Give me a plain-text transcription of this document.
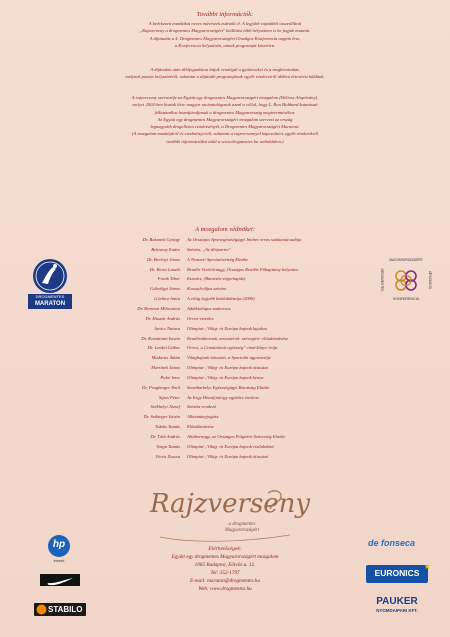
További információk:
A beérkezett munkákat neves művészek zsűrizik el. A legjobb rajzokból összeállított
„Rajzverseny a drogmentes Magyarországért" kiállítást több helyszínen is be fogjuk mutatni.
A díjátadás a 4. Drogmentes Magyarországért Országos Konferencia napján lesz,
a Konferencia helyszínén, annak programját követően.
A díjátadás után állófogadáson látjuk vendégül a győzteseket és a meghívottakat,
melynek pontos helyszínéről, valamint a díjátadó programjának egyéb részleteiről időben értesítést küldünk.
A rajzverseny szervezője az Együtt egy drogmentes Magyarországért mozgalom (Héliosz Alapítvány),
melyet 2002-ben hoztak létre magyar szcientológusok azzal a céllal, hogy L. Ron Hubbard kutatásait
felhasználva hozzájáruljanak a drogmentes Magyarország megteremtéséhez.
Az Együtt egy drogmentes Magyarországért mozgalom szervezi az ország
legnagyobb drogellenes rendezvényét, a Drogmentes Magyarországért Maratont.
(A mozgalom munkájáról és eredményeiről, valamint a rajzversennyel kapcsolatos egyéb részletekről
további információkat talál a www.drogmentes.hu weboldalon.)
A mozgalom védnökei:
Dr. Bakanek György Az Országos Sportegészségügyi Intézet orvos szaktanácsadója
Belesnay Endre Színész, „Az álriporter"
Dr. Berényi János A Nemzeti Sportszövetség Elnöke
Dr. Berta László Rendőr Vezérőrnagy, Országos Rendőr Főkapitány helyettes
Frank Tibor Ezredes, (Büntetés-végrehajtás)
Gálvölgyi János Kossuth-díjas színész
Görbicz Anita A világ legjobb kézilabdázója (2006)
Dr. Hermon Mihranian Addiktológus szakorvos
Dr. Huszár András Orvos-ezredes
Janics Natasa Olimpiai-, Világ- és Európa bajnok kajakos
Dr. Komáromi István Rendőrtábornok, zeneszerző- szövegíró- előadóművész
Dr. Lenkei Gábor Orvos, a Cenzúrázott egészség" című könyv írója
Madaras Ádám Világbajnok öttusázó, a Sportolói ügyvezetője
Martinek János Olimpiai-, Világ- és Európa bajnok öttusázó
Pulai Imre Olimpiai-, Világ- és Európa bajnok kenus
Dr. Prugberger Emil Szombathelyi Egészségügyi Bizottság Elnöke
Sipos Péter Az Irigy Hónaljmirigy együttes énekese
Székhelyi József Színész-rendező
Dr. Szikinger István Alkotmányjogász
Takáts Tamás Előadóművész
Dr. Tóth András Altábornagy, az Országos Polgárőr Szövetség Elnöke
Varga Tamás Olimpiai-, Világ- és Európa bajnok vízilabdázó
Vörös Zsuzsa Olimpiai-, Világ- és Európa bajnok öttusázó
DROGMENTES
MARATON
MAGYARORSZÁGÉRT
DROGMENTES	ORSZÁGOS
KONFERENCIA
Rajzverseny
a drogmentes
Magyarországért
Elérhetőségek:
Együtt egy drogmentes Magyarországért mozgalom
1082 Budapest, Eötvös u. 12.
Tel: 352-1797
E-mail: maraton@drogmentes.hu
Web: www.drogmentes.hu
hp
invent
STABILO
de fonseca
EURONICS
★
PAUKER
NYOMDAIPARI KFT.
